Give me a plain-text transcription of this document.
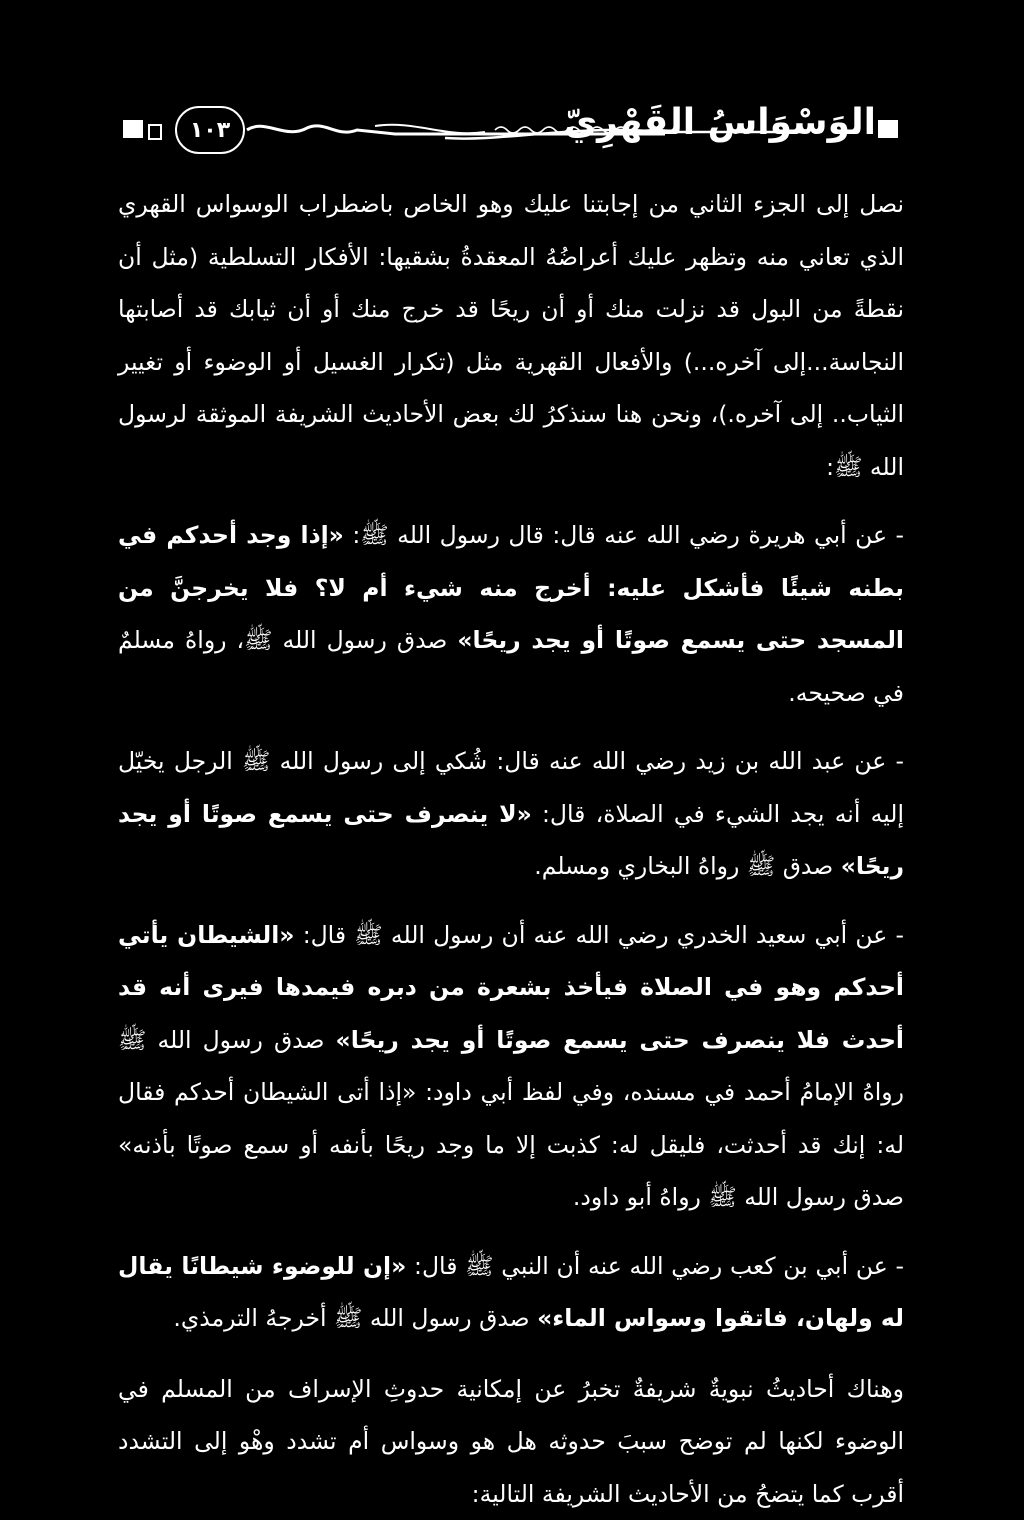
١٠٣	الوَسْوَاسُ القَهْرِيّ

نصل إلى الجزء الثاني من إجابتنا عليك وهو الخاص باضطراب الوسواس القهري الذي تعاني منه وتظهر عليك أعراضُهُ المعقدةُ بشقيها: الأفكار التسلطية (مثل أن نقطةً من البول قد نزلت منك أو أن ريحًا قد خرج منك أو أن ثيابك قد أصابتها النجاسة...إلى آخره...) والأفعال القهرية مثل (تكرار الغسيل أو الوضوء أو تغيير الثياب.. إلى آخره.)، ونحن هنا سنذكرُ لك بعض الأحاديث الشريفة الموثقة لرسول الله ﷺ:

- عن أبي هريرة رضي الله عنه قال: قال رسول الله ﷺ: «إذا وجد أحدكم في بطنه شيئًا فأشكل عليه: أخرج منه شيء أم لا؟ فلا يخرجنَّ من المسجد حتى يسمع صوتًا أو يجد ريحًا» صدق رسول الله ﷺ، رواهُ مسلمٌ في صحيحه.

- عن عبد الله بن زيد رضي الله عنه قال: شُكي إلى رسول الله ﷺ الرجل يخيّل إليه أنه يجد الشيء في الصلاة، قال: «لا ينصرف حتى يسمع صوتًا أو يجد ريحًا» صدق ﷺ رواهُ البخاري ومسلم.

- عن أبي سعيد الخدري رضي الله عنه أن رسول الله ﷺ قال: «الشيطان يأتي أحدكم وهو في الصلاة فيأخذ بشعرة من دبره فيمدها فيرى أنه قد أحدث فلا ينصرف حتى يسمع صوتًا أو يجد ريحًا» صدق رسول الله ﷺ رواهُ الإمامُ أحمد في مسنده، وفي لفظ أبي داود: «إذا أتى الشيطان أحدكم فقال له: إنك قد أحدثت، فليقل له: كذبت إلا ما وجد ريحًا بأنفه أو سمع صوتًا بأذنه» صدق رسول الله ﷺ رواهُ أبو داود.

- عن أبي بن كعب رضي الله عنه أن النبي ﷺ قال: «إن للوضوء شيطانًا يقال له ولهان، فاتقوا وسواس الماء» صدق رسول الله ﷺ أخرجهُ الترمذي.

وهناك أحاديثُ نبويةٌ شريفةٌ تخبرُ عن إمكانية حدوثِ الإسراف من المسلم في الوضوء لكنها لم توضح سببَ حدوثه هل هو وسواس أم تشدد وهْو إلى التشدد أقرب كما يتضحُ من الأحاديث الشريفة التالية:
